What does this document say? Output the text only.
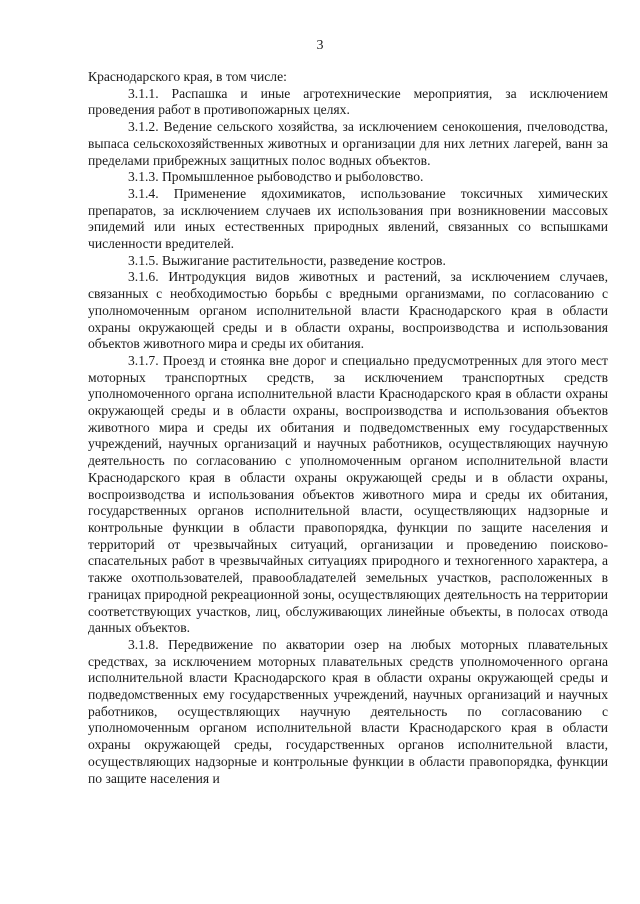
3

Краснодарского края, в том числе:

3.1.1. Распашка и иные агротехнические мероприятия, за исключением проведения работ в противопожарных целях.

3.1.2. Ведение сельского хозяйства, за исключением сенокошения, пчеловодства, выпаса сельскохозяйственных животных и организации для них летних лагерей, ванн за пределами прибрежных защитных полос водных объектов.

3.1.3. Промышленное рыбоводство и рыболовство.

3.1.4. Применение ядохимикатов, использование токсичных химических препаратов, за исключением случаев их использования при возникновении массовых эпидемий или иных естественных природных явлений, связанных со вспышками численности вредителей.

3.1.5. Выжигание растительности, разведение костров.

3.1.6. Интродукция видов животных и растений, за исключением случаев, связанных с необходимостью борьбы с вредными организмами, по согласованию с уполномоченным органом исполнительной власти Краснодарского края в области охраны окружающей среды и в области охраны, воспроизводства и использования объектов животного мира и среды их обитания.

3.1.7. Проезд и стоянка вне дорог и специально предусмотренных для этого мест моторных транспортных средств, за исключением транспортных средств уполномоченного органа исполнительной власти Краснодарского края в области охраны окружающей среды и в области охраны, воспроизводства и использования объектов животного мира и среды их обитания и подведомственных ему государственных учреждений, научных организаций и научных работников, осуществляющих научную деятельность по согласованию с уполномоченным органом исполнительной власти Краснодарского края в области охраны окружающей среды и в области охраны, воспроизводства и использования объектов животного мира и среды их обитания, государственных органов исполнительной власти, осуществляющих надзорные и контрольные функции в области правопорядка, функции по защите населения и территорий от чрезвычайных ситуаций, организации и проведению поисково-спасательных работ в чрезвычайных ситуациях природного и техногенного характера, а также охотпользователей, правообладателей земельных участков, расположенных в границах природной рекреационной зоны, осуществляющих деятельность на территории соответствующих участков, лиц, обслуживающих линейные объекты, в полосах отвода данных объектов.

3.1.8. Передвижение по акватории озер на любых моторных плавательных средствах, за исключением моторных плавательных средств уполномоченного органа исполнительной власти Краснодарского края в области охраны окружающей среды и подведомственных ему государственных учреждений, научных организаций и научных работников, осуществляющих научную деятельность по согласованию с уполномоченным органом исполнительной власти Краснодарского края в области охраны окружающей среды, государственных органов исполнительной власти, осуществляющих надзорные и контрольные функции в области правопорядка, функции по защите населения и
